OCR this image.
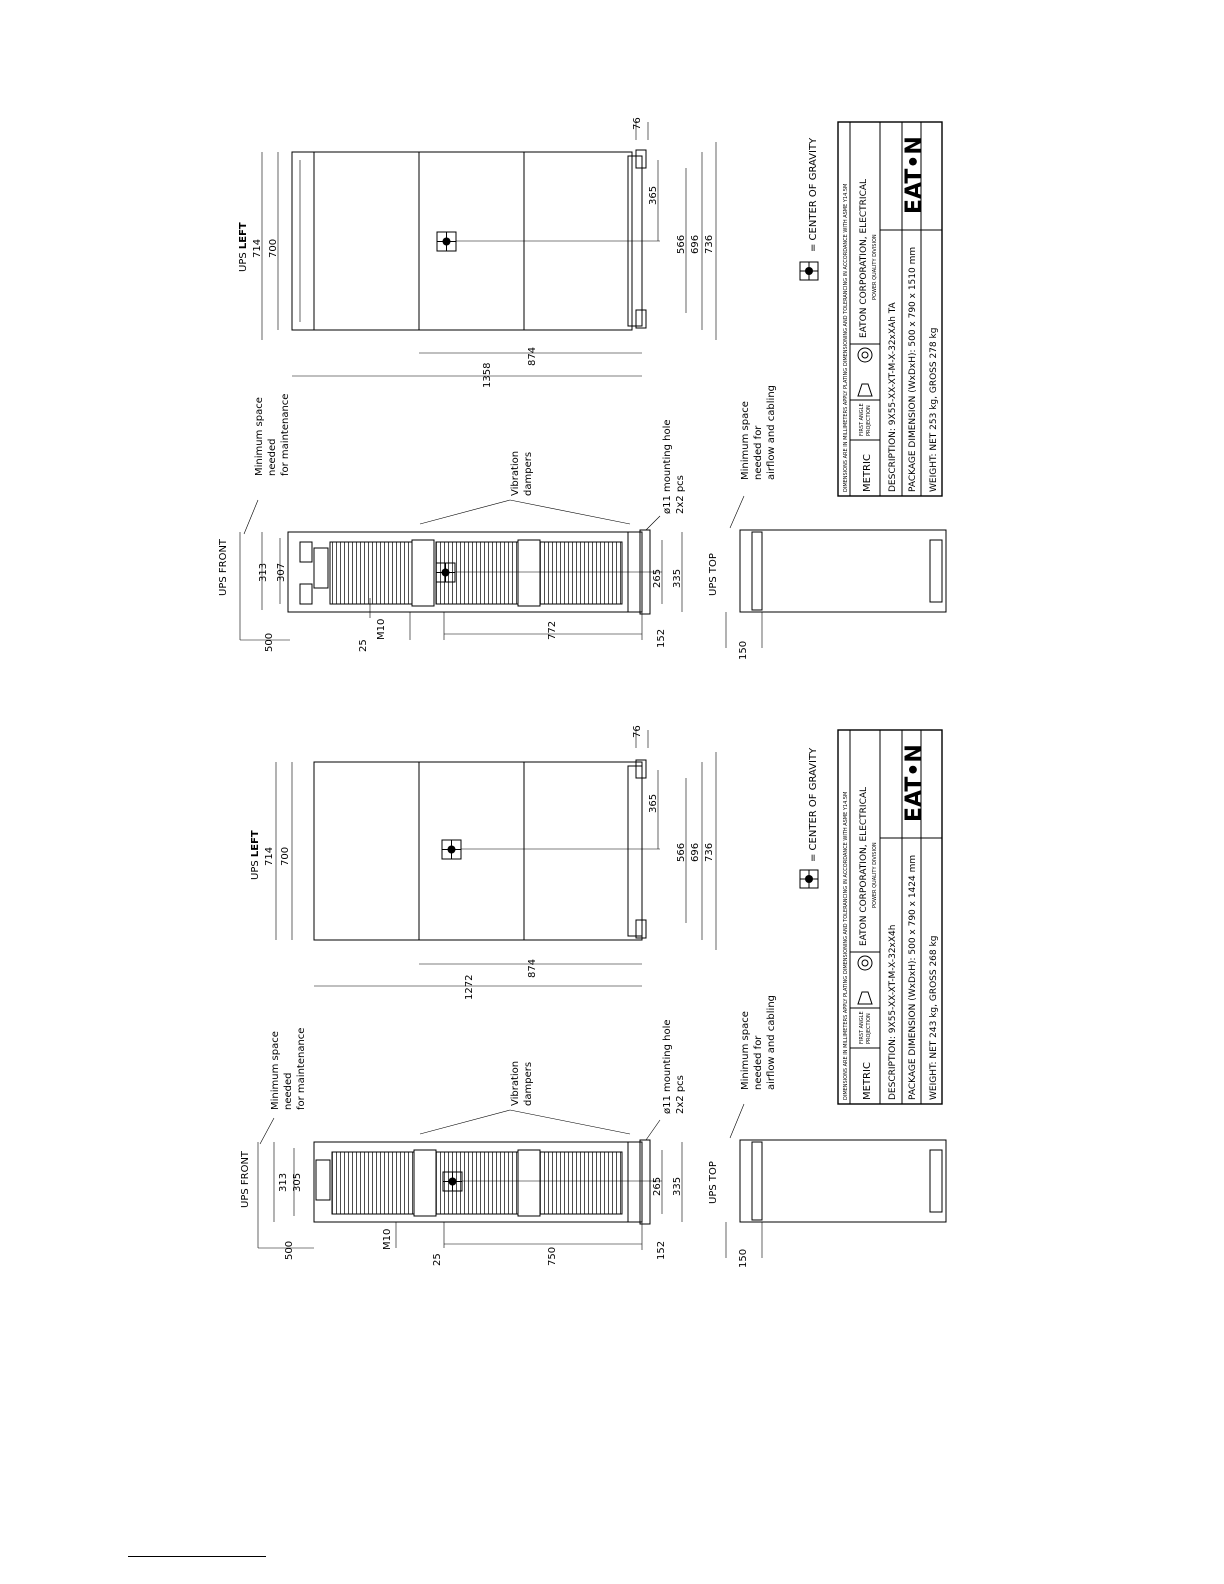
UPS LEFT 714 700
76
365
566 696 736
874
1358
UPS FRONT	313 307
500	25
M10	772	152
265 335	UPS TOP
150
Minimum space needed for maintenance	Vibration dampers	ø11 mounting hole 2x2 pcs
Minimum space needed for airflow and cabling
= CENTER OF GRAVITY
DIMENSIONS ARE IN MILLIMETERS APPLY PLATING
DIMENSIONING AND TOLERANCING IN ACCORDANCE WITH ASME Y14.5M
METRIC
FIRST ANGLE PROJECTION
EATON CORPORATION, ELECTRICAL POWER QUALITY DIVISION
DESCRIPTION: 9X55-XX-XT-M-X-32xXAh TA PACKAGE DIMENSION (WxDxH): 500 x 790 x 1510 mm WEIGHT: NET 253 kg, GROSS 278 kg
EAT•N
UPS LEFT 714 700
76
365
566 696 736
874
1272
UPS FRONT	313 305
500
M10
25	750	152
265 335	UPS TOP
150
Minimum space needed for maintenance	Vibration dampers	ø11 mounting hole 2x2 pcs
Minimum space needed for airflow and cabling
= CENTER OF GRAVITY
DIMENSIONS ARE IN MILLIMETERS APPLY PLATING
DIMENSIONING AND TOLERANCING IN ACCORDANCE WITH ASME Y14.5M
METRIC
FIRST ANGLE PROJECTION
EATON CORPORATION, ELECTRICAL POWER QUALITY DIVISION
DESCRIPTION: 9X55-XX-XT-M-X-32xX4h PACKAGE DIMENSION (WxDxH): 500 x 790 x 1424 mm WEIGHT: NET 243 kg, GROSS 268 kg
EAT•N
